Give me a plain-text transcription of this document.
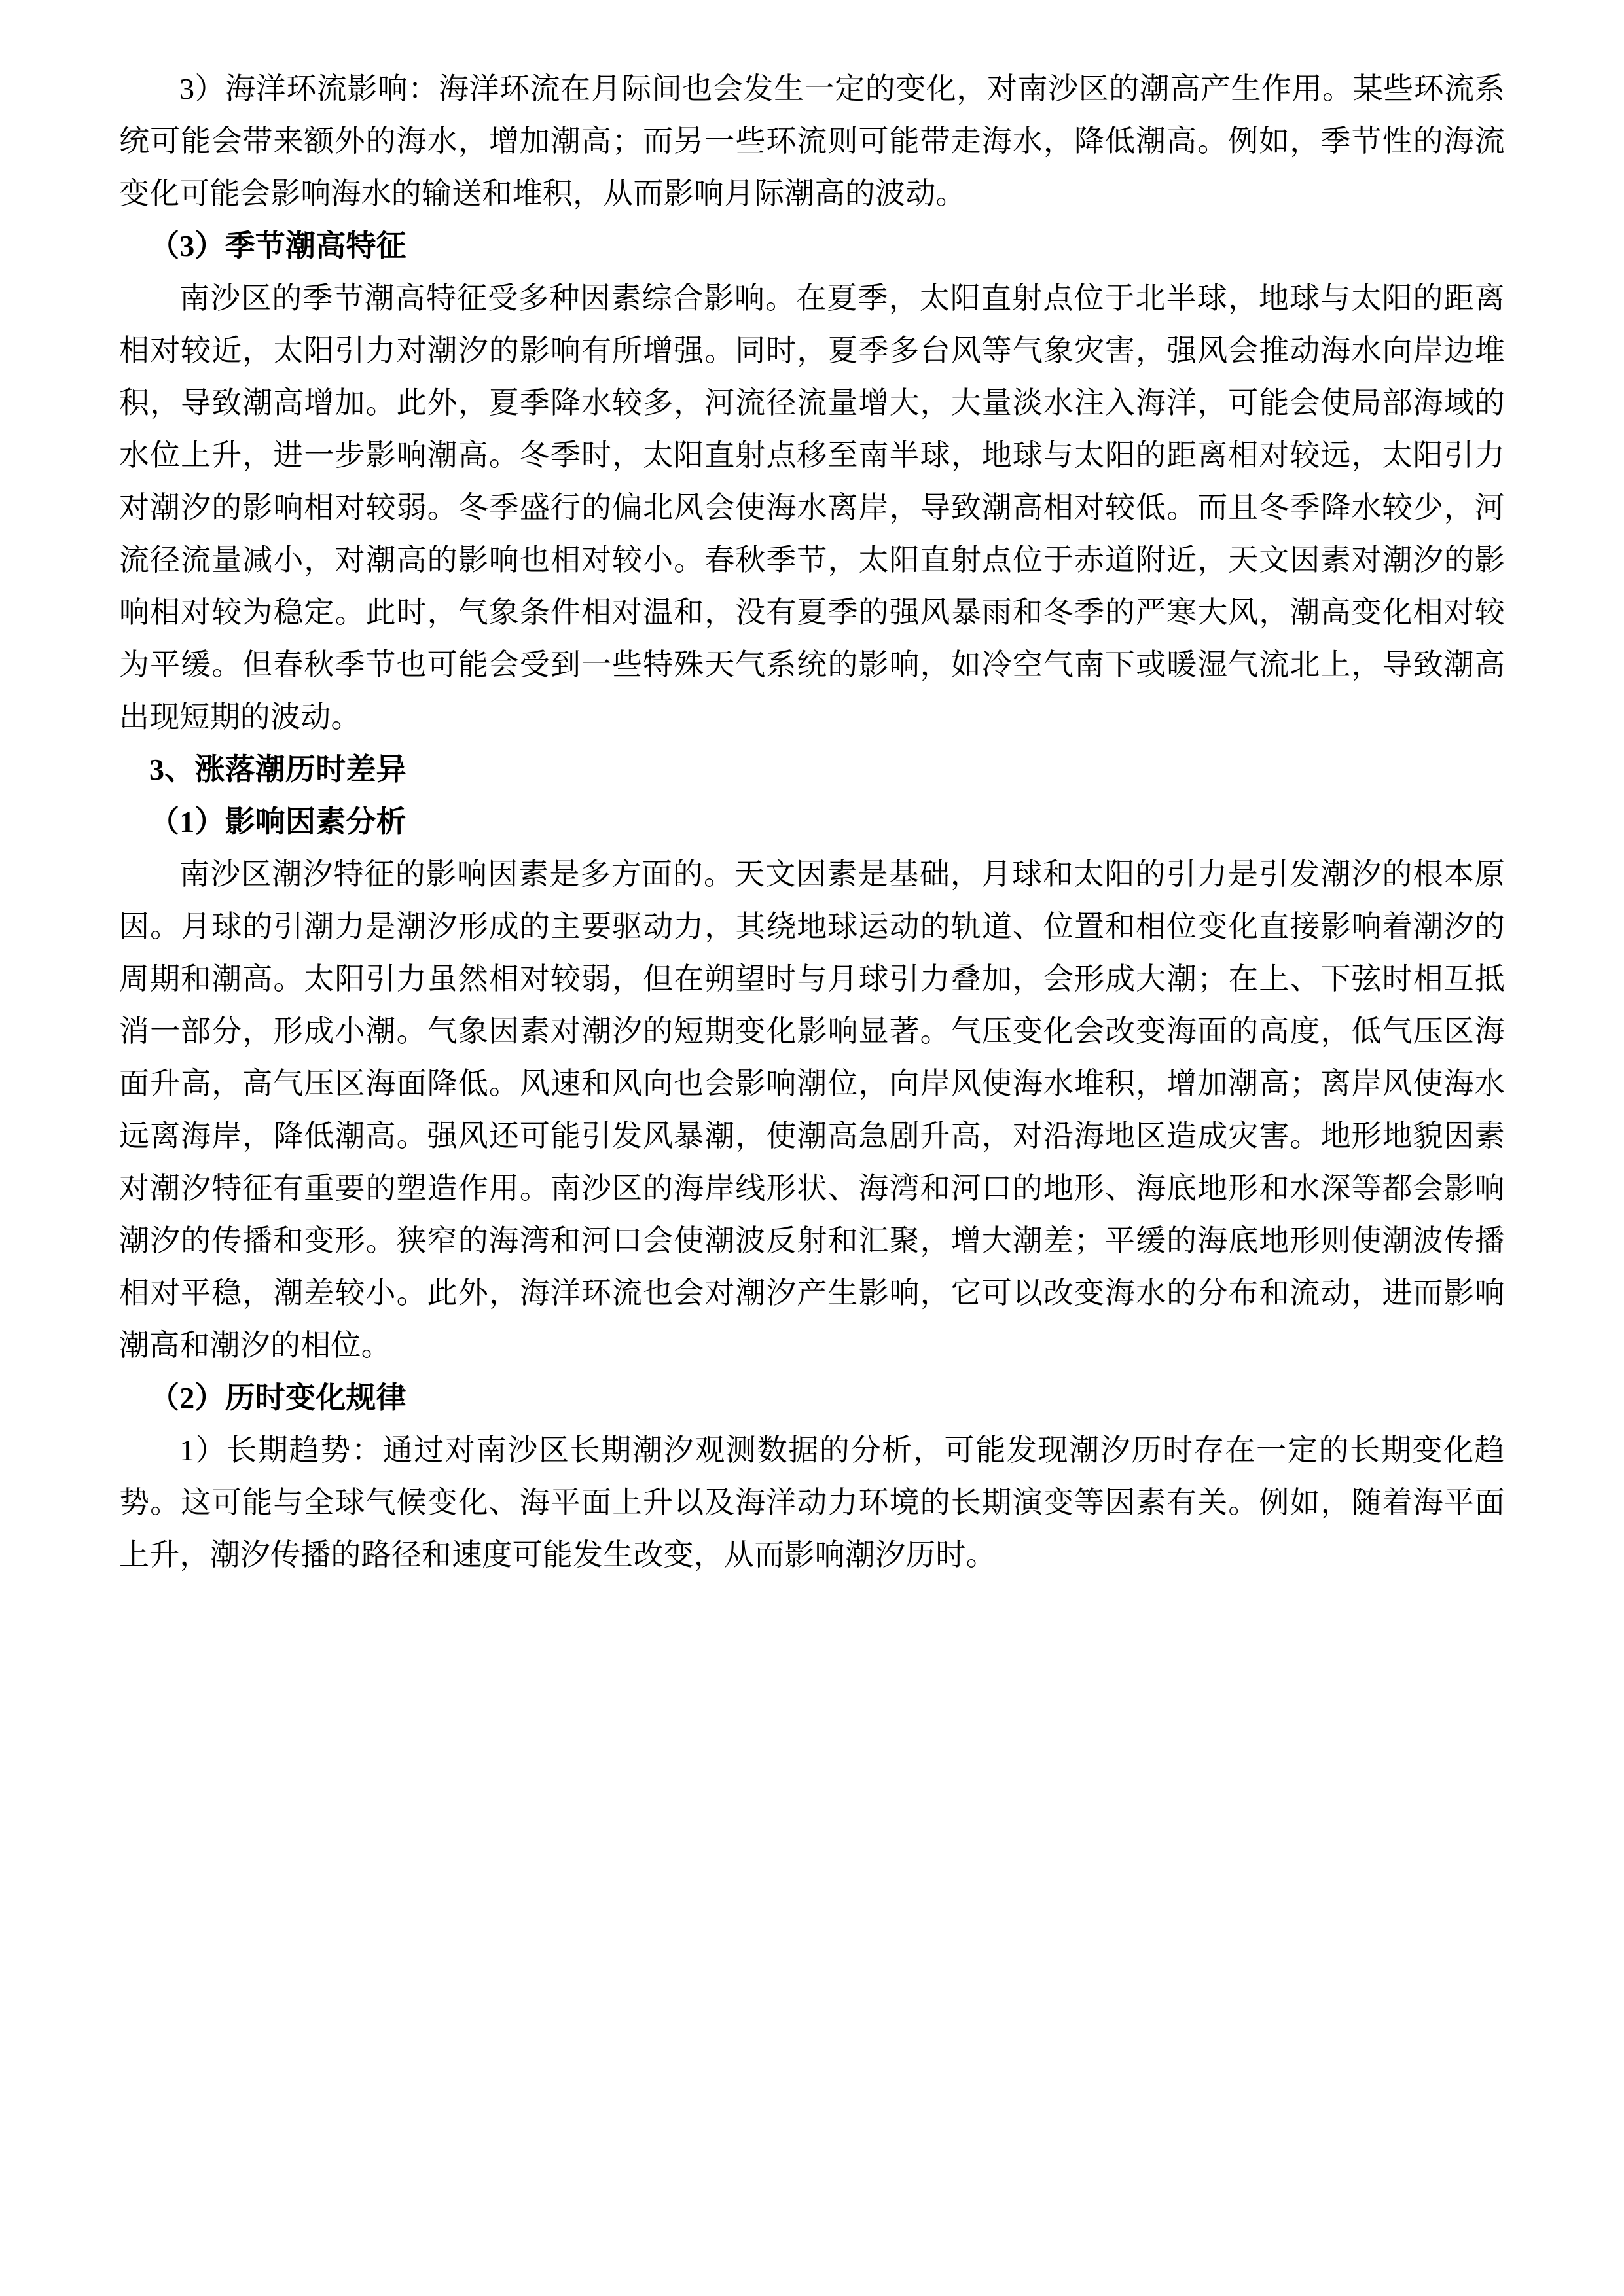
3）海洋环流影响：海洋环流在月际间也会发生一定的变化，对南沙区的潮高产生作用。某些环流系统可能会带来额外的海水，增加潮高；而另一些环流则可能带走海水，降低潮高。例如，季节性的海流变化可能会影响海水的输送和堆积，从而影响月际潮高的波动。

（3）季节潮高特征

南沙区的季节潮高特征受多种因素综合影响。在夏季，太阳直射点位于北半球，地球与太阳的距离相对较近，太阳引力对潮汐的影响有所增强。同时，夏季多台风等气象灾害，强风会推动海水向岸边堆积，导致潮高增加。此外，夏季降水较多，河流径流量增大，大量淡水注入海洋，可能会使局部海域的水位上升，进一步影响潮高。冬季时，太阳直射点移至南半球，地球与太阳的距离相对较远，太阳引力对潮汐的影响相对较弱。冬季盛行的偏北风会使海水离岸，导致潮高相对较低。而且冬季降水较少，河流径流量减小，对潮高的影响也相对较小。春秋季节，太阳直射点位于赤道附近，天文因素对潮汐的影响相对较为稳定。此时，气象条件相对温和，没有夏季的强风暴雨和冬季的严寒大风，潮高变化相对较为平缓。但春秋季节也可能会受到一些特殊天气系统的影响，如冷空气南下或暖湿气流北上，导致潮高出现短期的波动。

3、涨落潮历时差异
（1）影响因素分析

南沙区潮汐特征的影响因素是多方面的。天文因素是基础，月球和太阳的引力是引发潮汐的根本原因。月球的引潮力是潮汐形成的主要驱动力，其绕地球运动的轨道、位置和相位变化直接影响着潮汐的周期和潮高。太阳引力虽然相对较弱，但在朔望时与月球引力叠加，会形成大潮；在上、下弦时相互抵消一部分，形成小潮。气象因素对潮汐的短期变化影响显著。气压变化会改变海面的高度，低气压区海面升高，高气压区海面降低。风速和风向也会影响潮位，向岸风使海水堆积，增加潮高；离岸风使海水远离海岸，降低潮高。强风还可能引发风暴潮，使潮高急剧升高，对沿海地区造成灾害。地形地貌因素对潮汐特征有重要的塑造作用。南沙区的海岸线形状、海湾和河口的地形、海底地形和水深等都会影响潮汐的传播和变形。狭窄的海湾和河口会使潮波反射和汇聚，增大潮差；平缓的海底地形则使潮波传播相对平稳，潮差较小。此外，海洋环流也会对潮汐产生影响，它可以改变海水的分布和流动，进而影响潮高和潮汐的相位。

（2）历时变化规律

1）长期趋势：通过对南沙区长期潮汐观测数据的分析，可能发现潮汐历时存在一定的长期变化趋势。这可能与全球气候变化、海平面上升以及海洋动力环境的长期演变等因素有关。例如，随着海平面上升，潮汐传播的路径和速度可能发生改变，从而影响潮汐历时。
